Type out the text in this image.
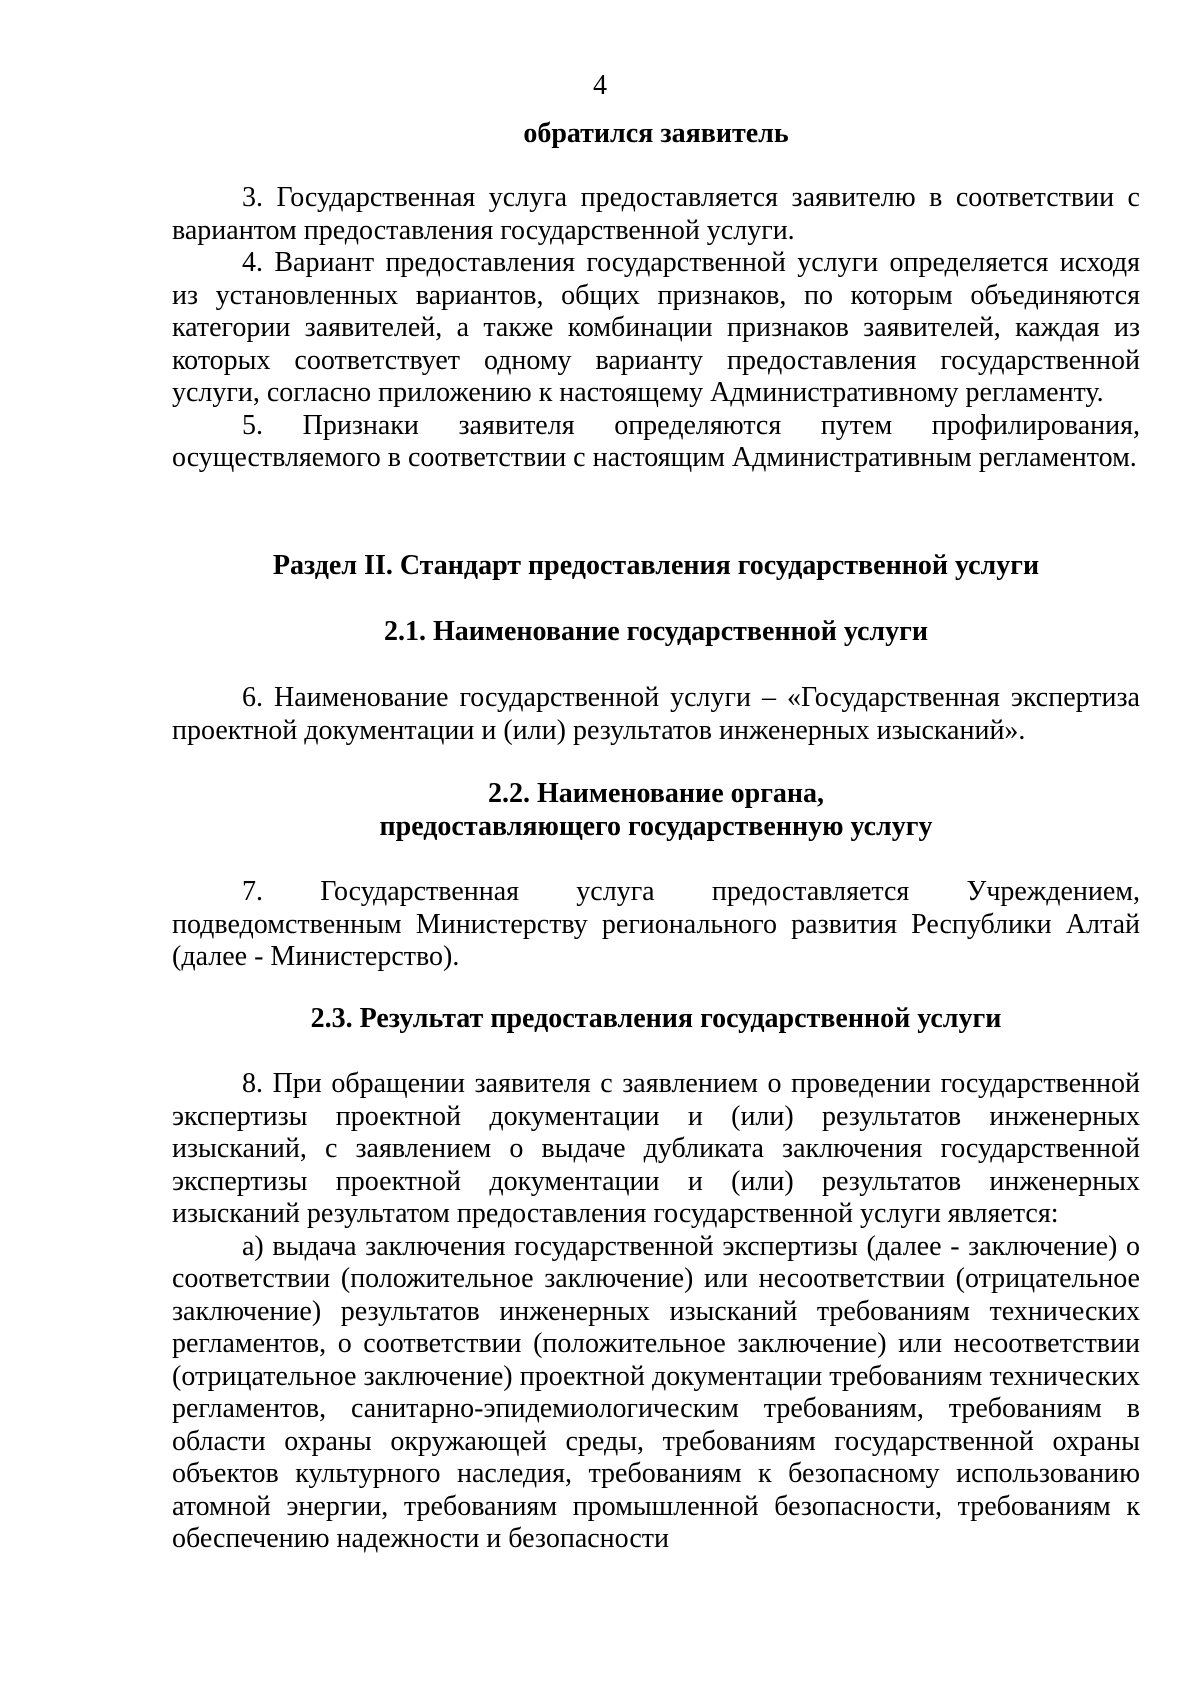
4

обратился заявитель

3. Государственная услуга предоставляется заявителю в соответствии с вариантом предоставления государственной услуги.

4. Вариант предоставления государственной услуги определяется исходя из установленных вариантов, общих признаков, по которым объединяются категории заявителей, а также комбинации признаков заявителей, каждая из которых соответствует одному варианту предоставления государственной услуги, согласно приложению к настоящему Административному регламенту.

5. Признаки заявителя определяются путем профилирования, осуществляемого в соответствии с настоящим Административным регламентом.

Раздел II. Стандарт предоставления государственной услуги

2.1. Наименование государственной услуги

6. Наименование государственной услуги – «Государственная экспертиза проектной документации и (или) результатов инженерных изысканий».

2.2. Наименование органа,
предоставляющего государственную услугу

7. Государственная услуга предоставляется Учреждением, подведомственным Министерству регионального развития Республики Алтай (далее - Министерство).

2.3. Результат предоставления государственной услуги

8. При обращении заявителя с заявлением о проведении государственной экспертизы проектной документации и (или) результатов инженерных изысканий, с заявлением о выдаче дубликата заключения государственной экспертизы проектной документации и (или) результатов инженерных изысканий результатом предоставления государственной услуги является:

а) выдача заключения государственной экспертизы (далее - заключение) о соответствии (положительное заключение) или несоответствии (отрицательное заключение) результатов инженерных изысканий требованиям технических регламентов, о соответствии (положительное заключение) или несоответствии (отрицательное заключение) проектной документации требованиям технических регламентов, санитарно-эпидемиологическим требованиям, требованиям в области охраны окружающей среды, требованиям государственной охраны объектов культурного наследия, требованиям к безопасному использованию атомной энергии, требованиям промышленной безопасности, требованиям к обеспечению надежности и безопасности
